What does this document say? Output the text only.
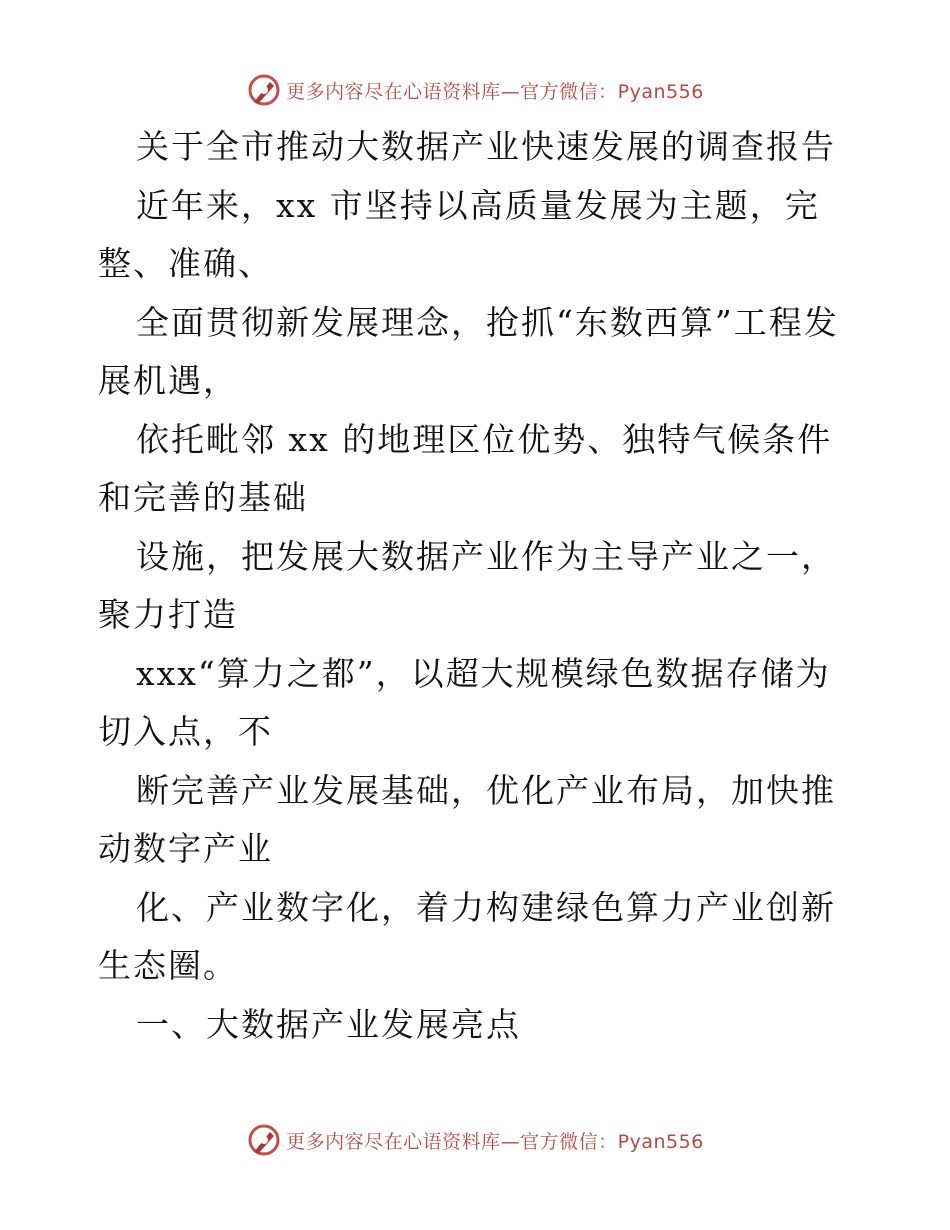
更多内容尽在心语资料库—官方微信：Pyan556

关于全市推动大数据产业快速发展的调查报告

近年来，xx 市坚持以高质量发展为主题，完整、准确、

全面贯彻新发展理念，抢抓“东数西算”工程发展机遇，

依托毗邻 xx 的地理区位优势、独特气候条件和完善的基础

设施，把发展大数据产业作为主导产业之一，聚力打造

xxx“算力之都”，以超大规模绿色数据存储为切入点，不

断完善产业发展基础，优化产业布局，加快推动数字产业

化、产业数字化，着力构建绿色算力产业创新生态圈。

一、大数据产业发展亮点

更多内容尽在心语资料库—官方微信：Pyan556
